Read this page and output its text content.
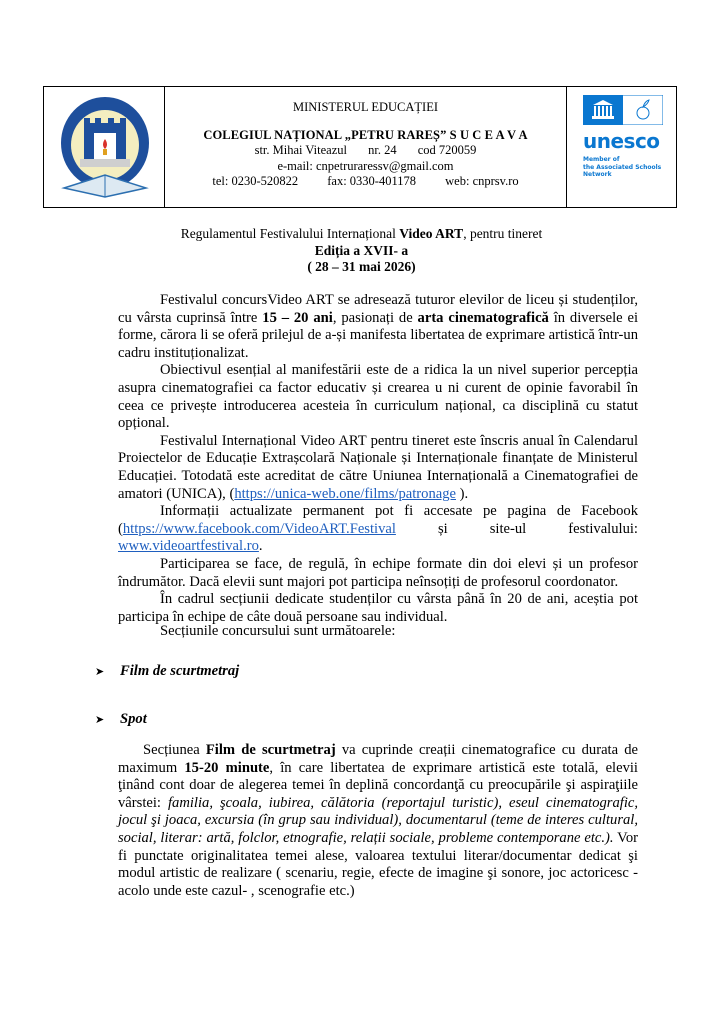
MINISTERUL EDUCAȚIEI
COLEGIUL NAȚIONAL „PETRU RAREȘ” S U C E A V A
str. Mihai Viteazul nr. 24 cod 720059
e-mail: cnpetruraressv@gmail.com
tel: 0230-520822 fax: 0330-401178 web: cnprsv.ro
unesco
Member of
the Associated Schools
Network
Regulamentul Festivalului Internațional Video ART, pentru tineret
Ediția a XVII- a
( 28 – 31 mai 2026)

Festivalul concursVideo ART se adresează tuturor elevilor de liceu și studenților, cu vârsta cuprinsă între 15 – 20 ani, pasionați de arta cinematografică în diversele ei forme, cărora li se oferă prilejul de a-și manifesta libertatea de exprimare artistică într-un cadru instituționalizat.

Obiectivul esențial al manifestării este de a ridica la un nivel superior percepția asupra cinematografiei ca factor educativ și crearea u ni curent de opinie favorabil în ceea ce privește introducerea acesteia în curriculum național, ca disciplină cu statut opțional.

Festivalul Internațional Video ART pentru tineret este înscris anual în Calendarul Proiectelor de Educație Extrașcolară Naționale și Internaționale finanțate de Ministerul Educației. Totodată este acreditat de către Uniunea Internațională a Cinematografiei de amatori (UNICA), (https://unica-web.one/films/patronage ).

Informații actualizate permanent pot fi accesate pe pagina de Facebook (https://www.facebook.com/VideoART.Festival      și      site-ul      festivalului: www.videoartfestival.ro.

Participarea se face, de regulă, în echipe formate din doi elevi și un profesor îndrumător. Dacă elevii sunt majori pot participa neînsoțiți de profesorul coordonator.

În cadrul secțiunii dedicate studenților cu vârsta până în 20 de ani, aceștia pot participa în echipe de câte două persoane sau individual.

Secțiunile concursului sunt următoarele:
➤ Film de scurtmetraj
➤ Spot

Secțiunea Film de scurtmetraj va cuprinde creații cinematografice cu durata de maximum 15-20 minute, în care libertatea de exprimare artistică este totală, elevii ţinând cont doar de alegerea temei în deplină concordanţă cu preocupările şi aspiraţiile vârstei: familia, şcoala, iubirea, călătoria (reportajul turistic), eseul cinematografic, jocul şi joaca, excursia (în grup sau individual), documentarul (teme de interes cultural, social, literar: artă, folclor, etnografie, relații sociale, probleme contemporane etc.). Vor fi punctate originalitatea temei alese, valoarea textului literar/documentar dedicat şi modul artistic de realizare ( scenariu, regie, efecte de imagine şi sonore, joc actoricesc - acolo unde este cazul- , scenografie etc.)
